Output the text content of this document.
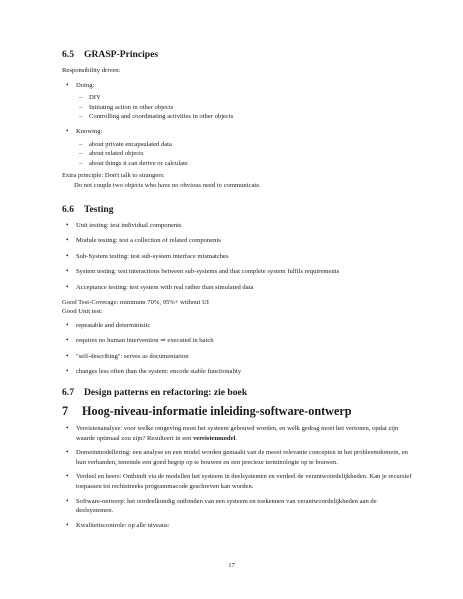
6.5 GRASP-Principes

Responsibility driven:

• Doing:
– DIY
– Initiating action in other objects
– Controlling and coordinating activities in other objects
• Knowing:
– about private encapsulated data
– about related objects
– about things it can derive or calculate

Extra principle: Don't talk to strangers:

Do not couple two objects who have no obvious need to communicate.

6.6 Testing
• Unit testing: test individual components
• Module testing: test a collection of related components
• Sub-System testing: test sub-system interface mismatches
• System testing: test interactions between sub-systems and that complete system fulfils requirements
• Acceptance testing: test system with real rather than simulated data

Good Test-Coverage: minimum 70%, 95%+ without UI

Good Unit test:

• repeatable and deterministic
• requires no human intervention ⇒ executed in batch
• "self-describing": serves as documentation
• changes less often than the system: encode stable functionality
6.7 Design patterns en refactoring: zie boek
7 Hoog-niveau-informatie inleiding-software-ontwerp
• Vereistenanalyse: voor welke omgeving moet het systeem gebouwd worden, en welk gedrag moet het vertonen, opdat zijn waarde optimaal zou zijn? Resulteert in een vereistenmodel.
• Domeinmodellering: een analyse en een model worden gemaakt van de meest relevante concepten in het probleemdomein, en hun verbanden, teneinde een goed begrip op te bouwen en een precieze terminologie op te bouwen.
• Verdeel en heers: Ontbindt via de modellen het systeem in deelsystemen en verdeel de verantwoordelijkheden. Kan je recursief toepassen tot rechtstreeks programmacode geschreven kan worden.
• Software-ontwerp: het oordeelkundig ontbinden van een systeem en toekennen van verantwoordelijkheden aan de deelsystemen.
• Kwaliteitscontrole: op alle niveaus:
17
